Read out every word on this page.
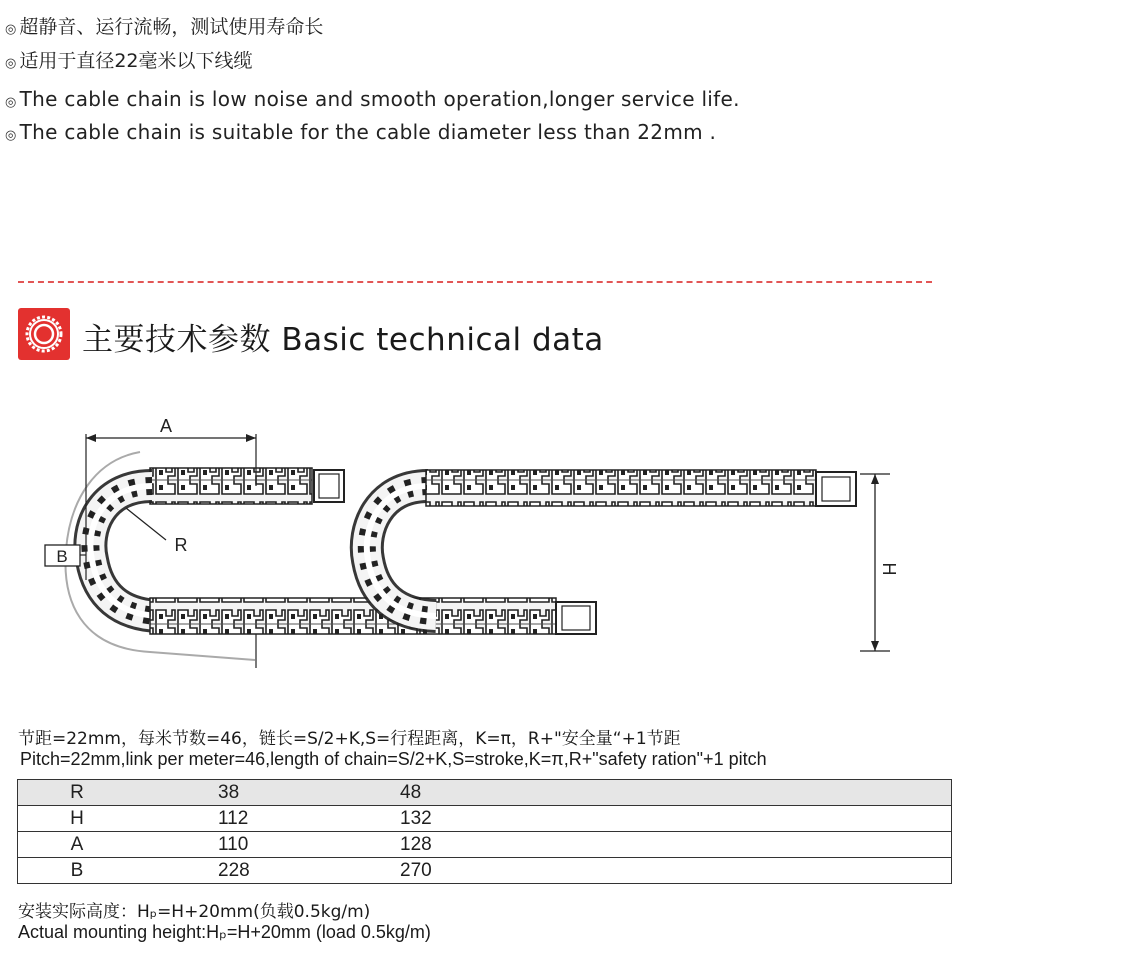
◎ 超静音、运行流畅，测试使用寿命长
◎ 适用于直径22毫米以下线缆
◎ The cable chain is low noise and smooth operation,longer service life.
◎ The cable chain is suitable for the cable diameter less than 22mm .
主要技术参数 Basic technical data
A
B
R
H
节距=22mm，每米节数=46，链长=S/2+K,S=行程距离，K=π，R+"安全量“+1节距
Pitch=22mm,link per meter=46,length of chain=S/2+K,S=stroke,K=π,R+"safety ration"+1 pitch
R	38	48

H	112	132

A	110	128

B	228	270
安装实际高度：Hₚ=H+20mm(负载0.5kg/m)
Actual mounting height:Hₚ=H+20mm (load 0.5kg/m)
